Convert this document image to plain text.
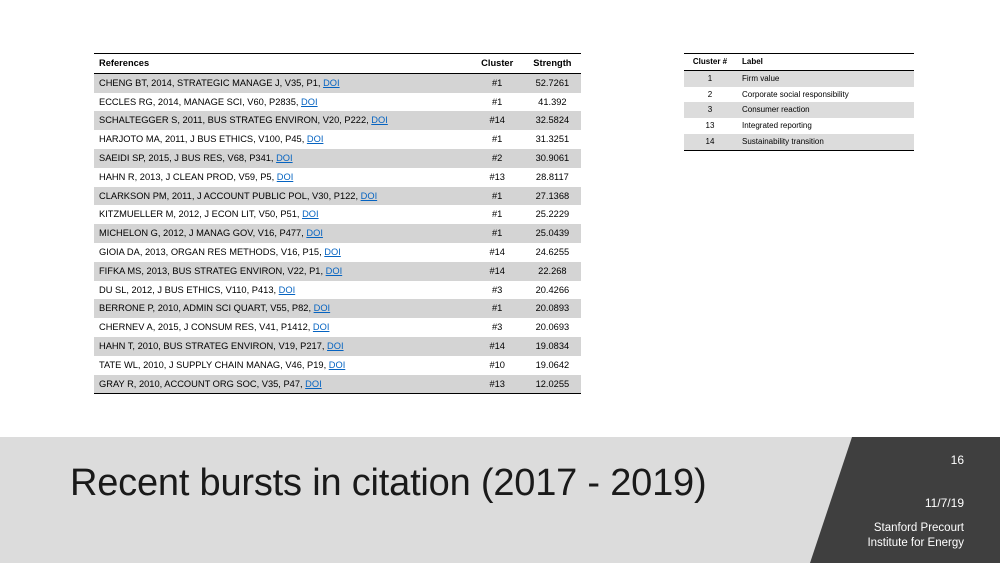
References	Cluster	Strength
CHENG BT, 2014, STRATEGIC MANAGE J, V35, P1, DOI	#1	52.7261
ECCLES RG, 2014, MANAGE SCI, V60, P2835, DOI	#1	41.392
SCHALTEGGER S, 2011, BUS STRATEG ENVIRON, V20, P222, DOI	#14	32.5824
HARJOTO MA, 2011, J BUS ETHICS, V100, P45, DOI	#1	31.3251
SAEIDI SP, 2015, J BUS RES, V68, P341, DOI	#2	30.9061
HAHN R, 2013, J CLEAN PROD, V59, P5, DOI	#13	28.8117
CLARKSON PM, 2011, J ACCOUNT PUBLIC POL, V30, P122, DOI	#1	27.1368
KITZMUELLER M, 2012, J ECON LIT, V50, P51, DOI	#1	25.2229
MICHELON G, 2012, J MANAG GOV, V16, P477, DOI	#1	25.0439
GIOIA DA, 2013, ORGAN RES METHODS, V16, P15, DOI	#14	24.6255
FIFKA MS, 2013, BUS STRATEG ENVIRON, V22, P1, DOI	#14	22.268
DU SL, 2012, J BUS ETHICS, V110, P413, DOI	#3	20.4266
BERRONE P, 2010, ADMIN SCI QUART, V55, P82, DOI	#1	20.0893
CHERNEV A, 2015, J CONSUM RES, V41, P1412, DOI	#3	20.0693
HAHN T, 2010, BUS STRATEG ENVIRON, V19, P217, DOI	#14	19.0834
TATE WL, 2010, J SUPPLY CHAIN MANAG, V46, P19, DOI	#10	19.0642
GRAY R, 2010, ACCOUNT ORG SOC, V35, P47, DOI	#13	12.0255
Cluster #	Label
1	Firm value
2	Corporate social responsibility
3	Consumer reaction
13	Integrated reporting
14	Sustainability transition
Recent bursts in citation (2017 - 2019)
16
11/7/19
Stanford Precourt
Institute for Energy
